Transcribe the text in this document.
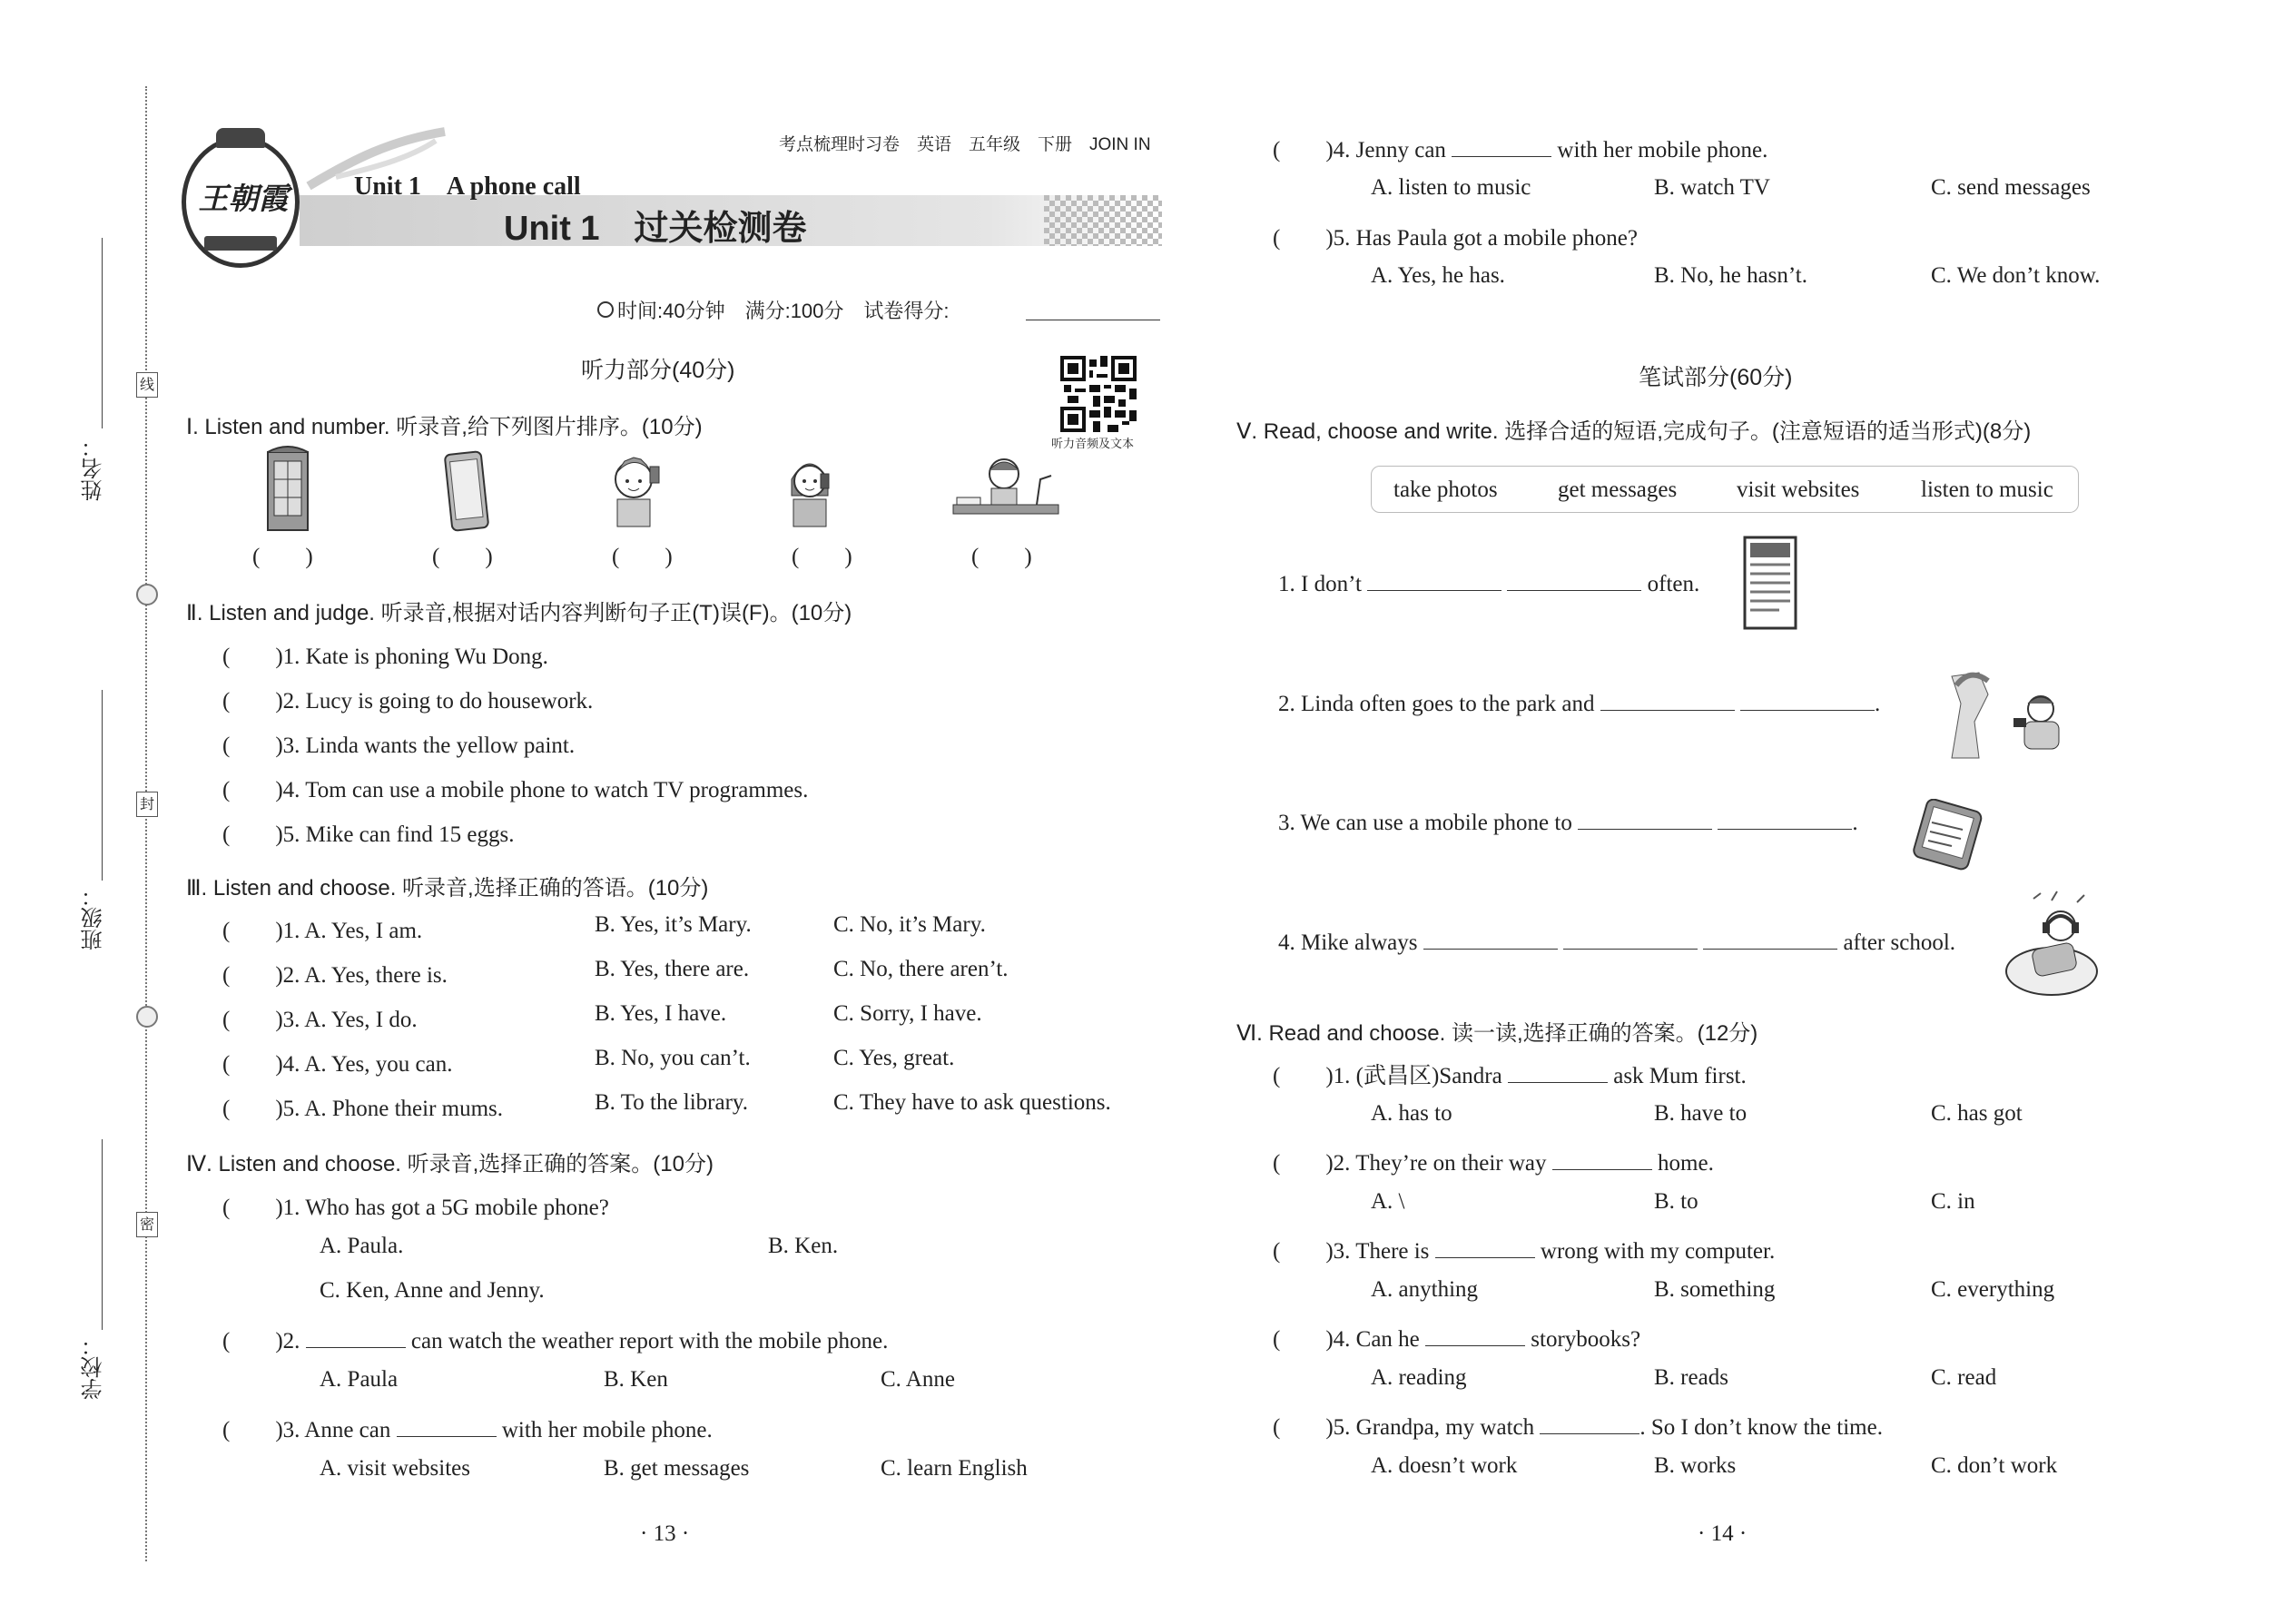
学校：
班级：
姓名：
线
封
密
王朝霞
考点梳理时习卷　英语　五年级　下册　JOIN IN
Unit 1　A phone call
Unit 1　过关检测卷
时间:40分钟　满分:100分　试卷得分:
听力部分(40分)
听力音频及文本
Ⅰ. Listen and number. 听录音,给下列图片排序。(10分)
(　　)	(　　)	(　　)	(　　)	(　　)
Ⅱ. Listen and judge. 听录音,根据对话内容判断句子正(T)误(F)。(10分)
(　　)1. Kate is phoning Wu Dong.
(　　)2. Lucy is going to do housework.
(　　)3. Linda wants the yellow paint.
(　　)4. Tom can use a mobile phone to watch TV programmes.
(　　)5. Mike can find 15 eggs.
Ⅲ. Listen and choose. 听录音,选择正确的答语。(10分)
(　　)1. A. Yes, I am.	B. Yes, it’s Mary.	C. No, it’s Mary.
(　　)2. A. Yes, there is.	B. Yes, there are.	C. No, there aren’t.
(　　)3. A. Yes, I do.	B. Yes, I have.	C. Sorry, I have.
(　　)4. A. Yes, you can.	B. No, you can’t.	C. Yes, great.
(　　)5. A. Phone their mums.	B. To the library.	C. They have to ask questions.
Ⅳ. Listen and choose. 听录音,选择正确的答案。(10分)
(　　)1. Who has got a 5G mobile phone?
A. Paula.	B. Ken.
C. Ken, Anne and Jenny.
(　　)2.	can watch the weather report with the mobile phone.
A. Paula	B. Ken	C. Anne
(　　)3. Anne can	with her mobile phone.
A. visit websites	B. get messages	C. learn English
· 13 ·
(　　)4. Jenny can	with her mobile phone.
A. listen to music	B. watch TV	C. send messages
(　　)5. Has Paula got a mobile phone?
A. Yes, he has.	B. No, he hasn’t.	C. We don’t know.
笔试部分(60分)
Ⅴ. Read, choose and write. 选择合适的短语,完成句子。(注意短语的适当形式)(8分)
take photos	get messages	visit websites	listen to music
1. I don’t	often.
2. Linda often goes to the park and	.
3. We can use a mobile phone to	.
4. Mike always	after school.
Ⅵ. Read and choose. 读一读,选择正确的答案。(12分)
(　　)1. (武昌区)Sandra	ask Mum first.
A. has to	B. have to	C. has got
(　　)2. They’re on their way	home.
A. \	B. to	C. in
(　　)3. There is	wrong with my computer.
A. anything	B. something	C. everything
(　　)4. Can he	storybooks?
A. reading	B. reads	C. read
(　　)5. Grandpa, my watch	. So I don’t know the time.
A. doesn’t work	B. works	C. don’t work
· 14 ·
